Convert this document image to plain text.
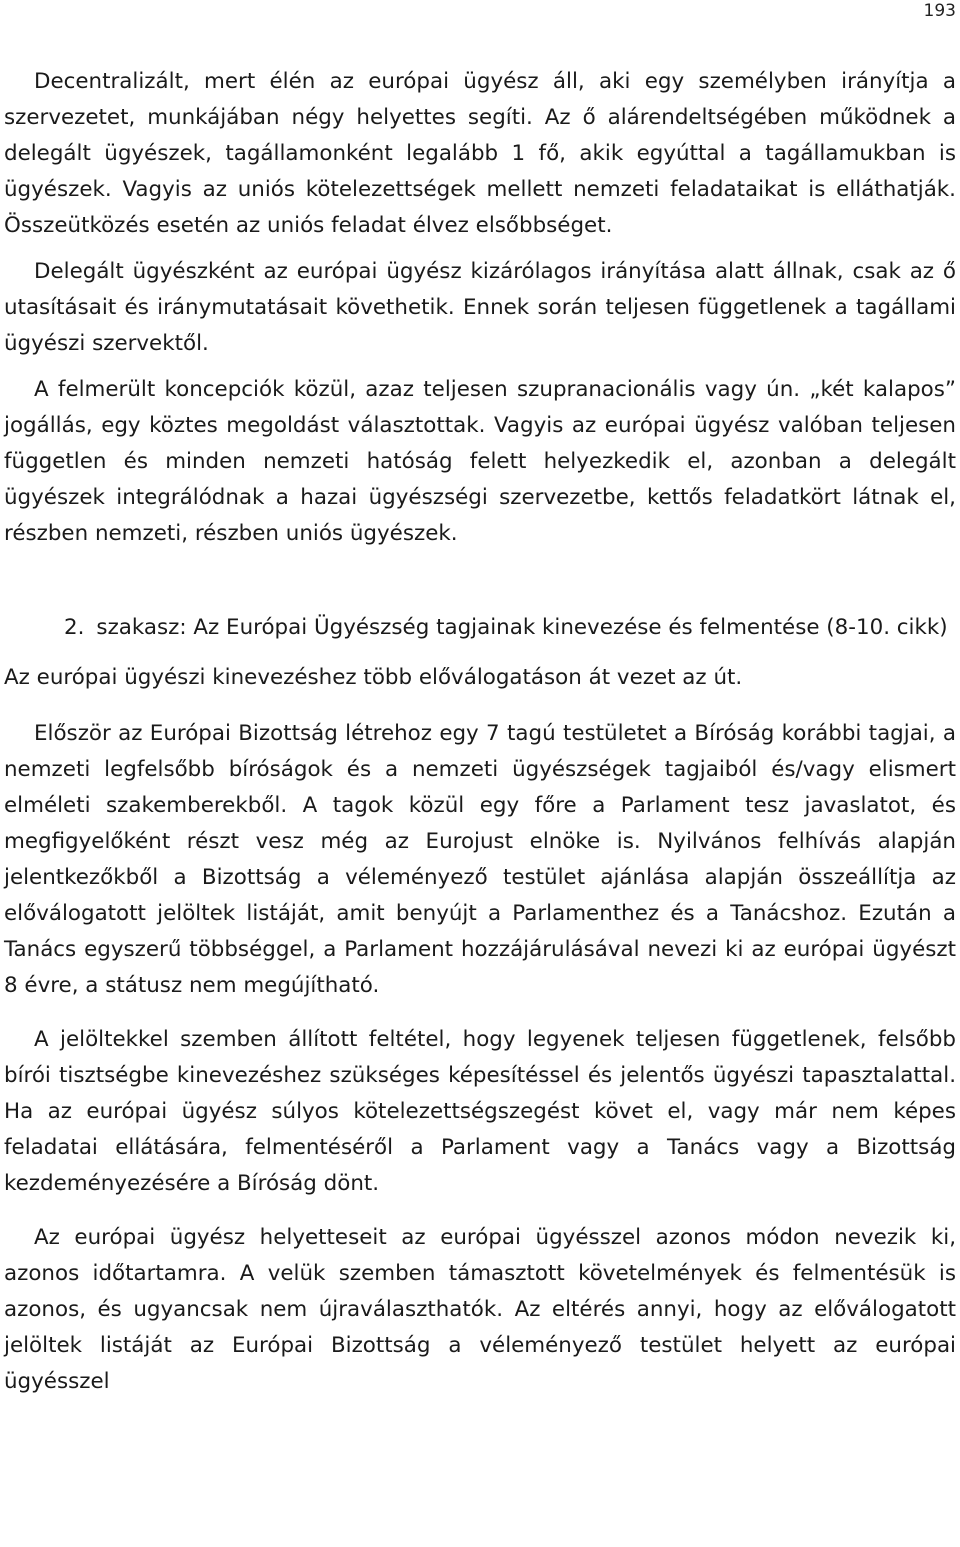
193

Decentralizált, mert élén az európai ügyész áll, aki egy személyben irányítja a szervezetet, munkájában négy helyettes segíti. Az ő alárendeltségében működnek a delegált ügyészek, tagállamonként legalább 1 fő, akik egyúttal a tagállamukban is ügyészek. Vagyis az uniós kötelezettségek mellett nemzeti feladataikat is elláthatják. Összeütközés esetén az uniós feladat élvez elsőbbséget.

Delegált ügyészként az európai ügyész kizárólagos irányítása alatt állnak, csak az ő utasításait és iránymutatásait követhetik. Ennek során teljesen függetlenek a tagállami ügyészi szervektől.

A felmerült koncepciók közül, azaz teljesen szupranacionális vagy ún. „két kalapos” jogállás, egy köztes megoldást választottak. Vagyis az európai ügyész valóban teljesen független és minden nemzeti hatóság felett helyezkedik el, azonban a delegált ügyészek integrálódnak a hazai ügyészségi szervezetbe, kettős feladatkört látnak el, részben nemzeti, részben uniós ügyészek.

2. szakasz: Az Európai Ügyészség tagjainak kinevezése és felmentése (8-10. cikk)

Az európai ügyészi kinevezéshez több előválogatáson át vezet az út.

Először az Európai Bizottság létrehoz egy 7 tagú testületet a Bíróság korábbi tagjai, a nemzeti legfelsőbb bíróságok és a nemzeti ügyészségek tagjaiból és/vagy elismert elméleti szakemberekből. A tagok közül egy főre a Parlament tesz javaslatot, és megfigyelőként részt vesz még az Eurojust elnöke is. Nyilvános felhívás alapján jelentkezőkből a Bizottság a véleményező testület ajánlása alapján összeállítja az előválogatott jelöltek listáját, amit benyújt a Parlamenthez és a Tanácshoz. Ezután a Tanács egyszerű többséggel, a Parlament hozzájárulásával nevezi ki az európai ügyészt 8 évre, a státusz nem megújítható.

A jelöltekkel szemben állított feltétel, hogy legyenek teljesen függetlenek, felsőbb bírói tisztségbe kinevezéshez szükséges képesítéssel és jelentős ügyészi tapasztalattal. Ha az európai ügyész súlyos kötelezettségszegést követ el, vagy már nem képes feladatai ellátására, felmentéséről a Parlament vagy a Tanács vagy a Bizottság kezdeményezésére a Bíróság dönt.

Az európai ügyész helyetteseit az európai ügyésszel azonos módon nevezik ki, azonos időtartamra. A velük szemben támasztott követelmények és felmentésük is azonos, és ugyancsak nem újraválaszthatók. Az eltérés annyi, hogy az előválogatott jelöltek listáját az Európai Bizottság a véleményező testület helyett az európai ügyésszel
